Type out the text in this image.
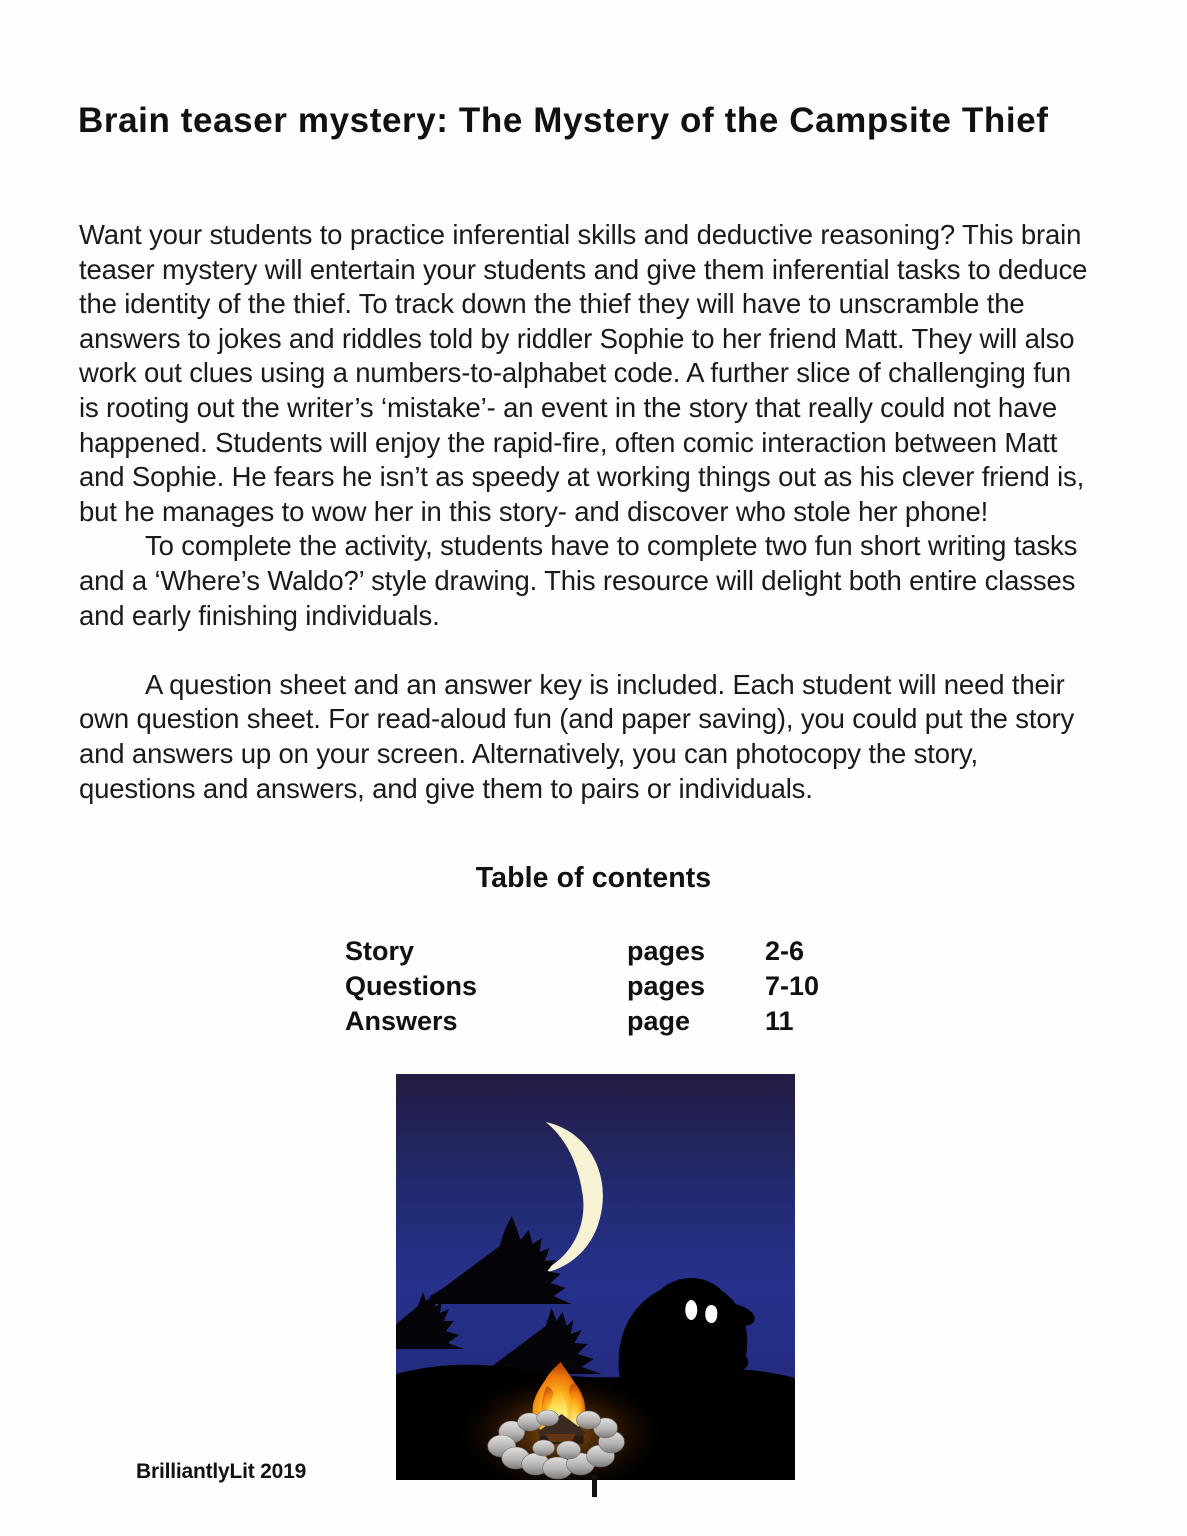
Brain teaser mystery: The Mystery of the Campsite Thief

Want your students to practice inferential skills and deductive reasoning? This brain teaser mystery will entertain your students and give them inferential tasks to deduce the identity of the thief. To track down the thief they will have to unscramble the answers to jokes and riddles told by riddler Sophie to her friend Matt. They will also work out clues using a numbers-to-alphabet code. A further slice of challenging fun is rooting out the writer’s ‘mistake’- an event in the story that really could not have happened. Students will enjoy the rapid-fire, often comic interaction between Matt and Sophie. He fears he isn’t as speedy at working things out as his clever friend is, but he manages to wow her in this story- and discover who stole her phone!

To complete the activity, students have to complete two fun short writing tasks and a ‘Where’s Waldo?’ style drawing. This resource will delight both entire classes and early finishing individuals.

A question sheet and an answer key is included. Each student will need their own question sheet. For read-aloud fun (and paper saving), you could put the story and answers up on your screen. Alternatively, you can photocopy the story, questions and answers, and give them to pairs or individuals.

Table of contents
Story	pages	2-6
Questions	pages	7-10
Answers	page	11
BrilliantlyLit 2019
